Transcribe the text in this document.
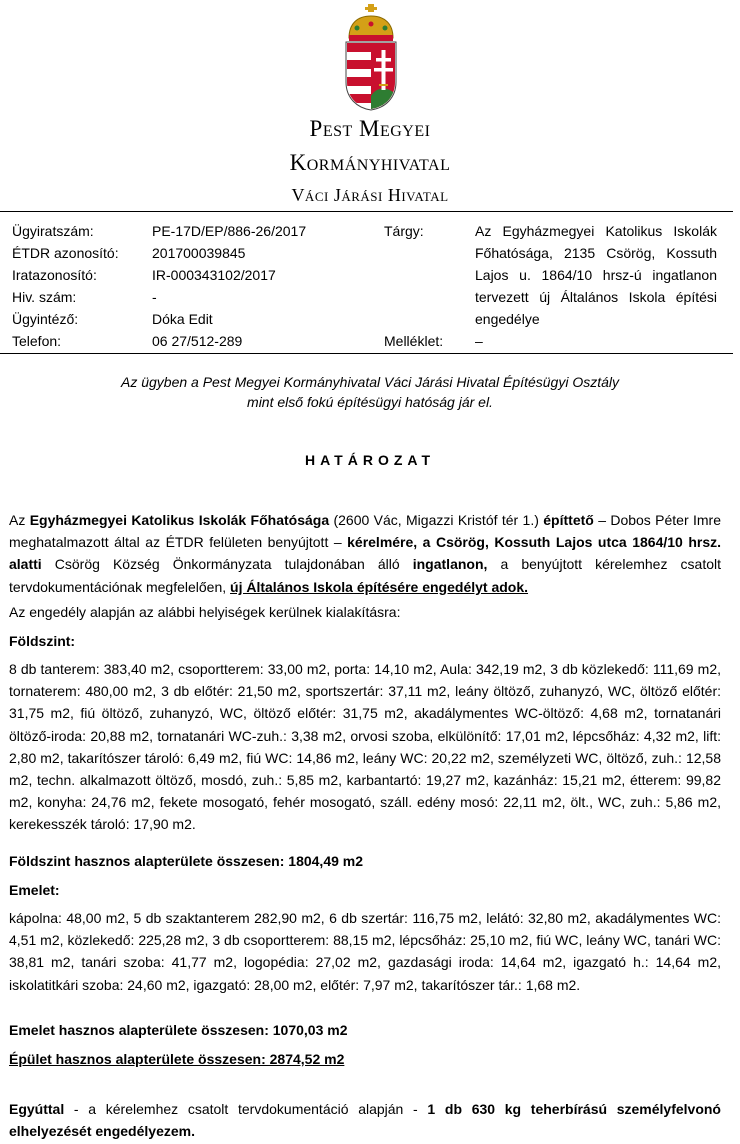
Pest Megyei
Kormányhivatal
Váci Járási Hivatal
Ügyiratszám:	PE-17D/EP/886-26/2017
ÉTDR azonosító: 201700039845
Iratazonosító:	IR-000343102/2017
Hiv. szám:	-
Ügyintéző:	Dóka Edit
Telefon:	06 27/512-289
Tárgy:	Az Egyházmegyei Katolikus Iskolák Főhatósága, 2135 Csörög, Kossuth Lajos u. 1864/10 hrsz-ú ingatlanon tervezett új Általános Iskola építési engedélye
Melléklet: –
Az ügyben a Pest Megyei Kormányhivatal Váci Járási Hivatal Építésügyi Osztály
mint első fokú építésügyi hatóság jár el.
HATÁROZAT
Az Egyházmegyei Katolikus Iskolák Főhatósága (2600 Vác, Migazzi Kristóf tér 1.) építtető – Dobos Péter Imre meghatalmazott által az ÉTDR felületen benyújtott – kérelmére, a Csörög, Kossuth Lajos utca 1864/10 hrsz. alatti Csörög Község Önkormányzata tulajdonában álló ingatlanon, a benyújtott kérelemhez csatolt tervdokumentációnak megfelelően, új Általános Iskola építésére engedélyt adok.
Az engedély alapján az alábbi helyiségek kerülnek kialakításra:
Földszint:
8 db tanterem: 383,40 m2, csoportterem: 33,00 m2, porta: 14,10 m2, Aula: 342,19 m2, 3 db közlekedő: 111,69 m2, tornaterem: 480,00 m2, 3 db előtér: 21,50 m2, sportszertár: 37,11 m2, leány öltöző, zuhanyzó, WC, öltöző előtér: 31,75 m2, fiú öltöző, zuhanyzó, WC, öltöző előtér: 31,75 m2, akadálymentes WC-öltöző: 4,68 m2, tornatanári öltöző-iroda: 20,88 m2, tornatanári WC-zuh.: 3,38 m2, orvosi szoba, elkülönítő: 17,01 m2, lépcsőház: 4,32 m2, lift: 2,80 m2, takarítószer tároló: 6,49 m2, fiú WC: 14,86 m2, leány WC: 20,22 m2, személyzeti WC, öltöző, zuh.: 12,58 m2, techn. alkalmazott öltöző, mosdó, zuh.: 5,85 m2, karbantartó: 19,27 m2, kazánház: 15,21 m2, étterem: 99,82 m2, konyha: 24,76 m2, fekete mosogató, fehér mosogató, száll. edény mosó: 22,11 m2, ölt., WC, zuh.: 5,86 m2, kerekesszék tároló: 17,90 m2.
Földszint hasznos alapterülete összesen: 1804,49 m2
Emelet:
kápolna: 48,00 m2, 5 db szaktanterem 282,90 m2, 6 db szertár: 116,75 m2, lelátó: 32,80 m2, akadálymentes WC: 4,51 m2, közlekedő: 225,28 m2, 3 db csoportterem: 88,15 m2, lépcsőház: 25,10 m2, fiú WC, leány WC, tanári WC: 38,81 m2, tanári szoba: 41,77 m2, logopédia: 27,02 m2, gazdasági iroda: 14,64 m2, igazgató h.: 14,64 m2, iskolatitkári szoba: 24,60 m2, igazgató: 28,00 m2, előtér: 7,97 m2, takarítószer tár.: 1,68 m2.
Emelet hasznos alapterülete összesen: 1070,03 m2
Épület hasznos alapterülete összesen: 2874,52 m2
Egyúttal - a kérelemhez csatolt tervdokumentáció alapján - 1 db 630 kg teherbírású személyfelvonó elhelyezését engedélyezem.
